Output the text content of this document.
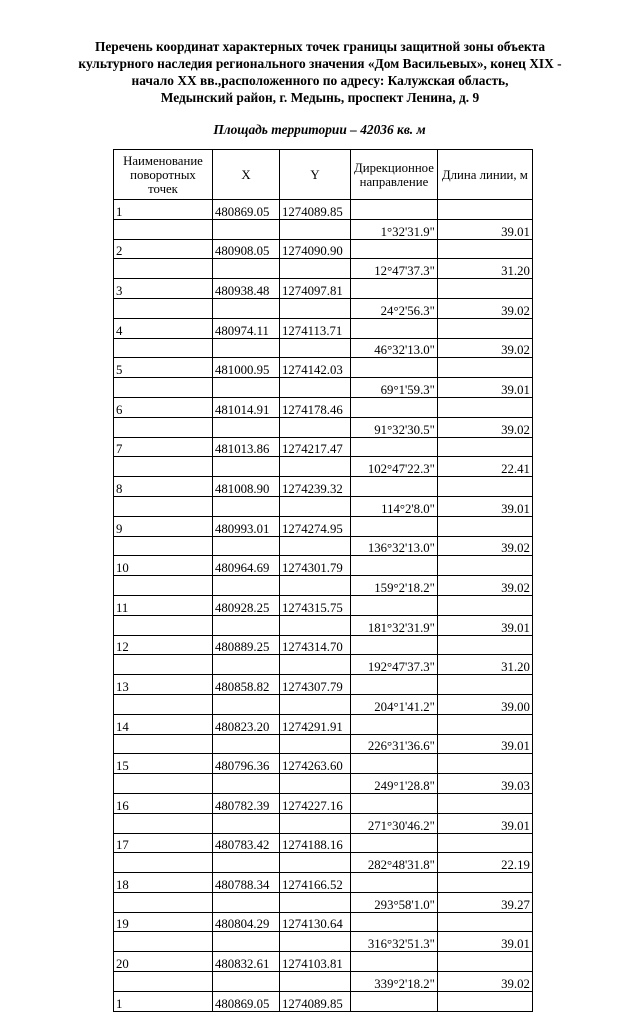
Перечень координат характерных точек границы защитной зоны объекта
культурного наследия регионального значения «Дом Васильевых», конец XIX -
начало XX вв.,расположенного по адресу: Калужская область,
Медынский район, г. Медынь, проспект Ленина, д. 9
Площадь территории – 42036 кв. м
Наименование поворотных точек	X	Y	Дирекционное направление	Длина линии, м
1	480869.05	1274089.85		
			1°32'31.9"	39.01
2	480908.05	1274090.90		
			12°47'37.3"	31.20
3	480938.48	1274097.81		
			24°2'56.3"	39.02
4	480974.11	1274113.71		
			46°32'13.0"	39.02
5	481000.95	1274142.03		
			69°1'59.3"	39.01
6	481014.91	1274178.46		
			91°32'30.5"	39.02
7	481013.86	1274217.47		
			102°47'22.3"	22.41
8	481008.90	1274239.32		
			114°2'8.0"	39.01
9	480993.01	1274274.95		
			136°32'13.0"	39.02
10	480964.69	1274301.79		
			159°2'18.2"	39.02
11	480928.25	1274315.75		
			181°32'31.9"	39.01
12	480889.25	1274314.70		
			192°47'37.3"	31.20
13	480858.82	1274307.79		
			204°1'41.2"	39.00
14	480823.20	1274291.91		
			226°31'36.6"	39.01
15	480796.36	1274263.60		
			249°1'28.8"	39.03
16	480782.39	1274227.16		
			271°30'46.2"	39.01
17	480783.42	1274188.16		
			282°48'31.8"	22.19
18	480788.34	1274166.52		
			293°58'1.0"	39.27
19	480804.29	1274130.64		
			316°32'51.3"	39.01
20	480832.61	1274103.81		
			339°2'18.2"	39.02
1	480869.05	1274089.85		
